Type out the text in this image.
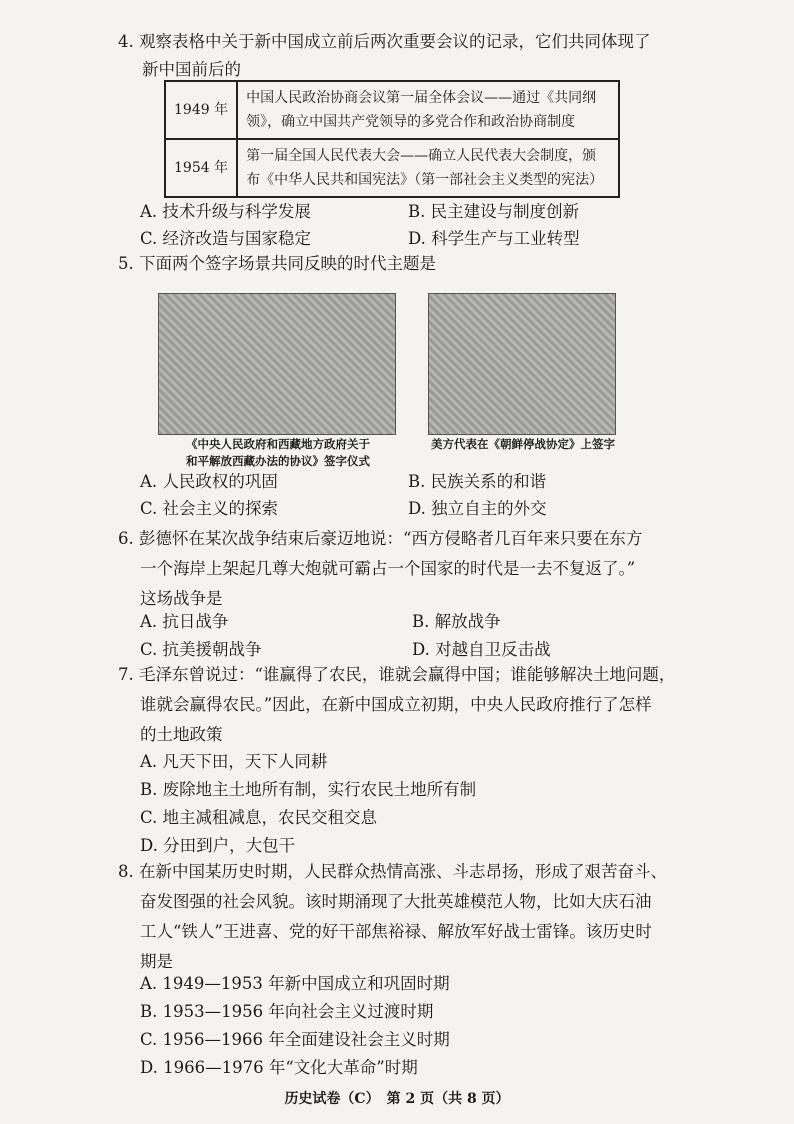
4. 观察表格中关于新中国成立前后两次重要会议的记录，它们共同体现了
新中国前后的
1949 年	中国人民政治协商会议第一届全体会议——通过《共同纲
领》，确立中国共产党领导的多党合作和政治协商制度

1954 年	第一届全国人民代表大会——确立人民代表大会制度，颁
布《中华人民共和国宪法》（第一部社会主义类型的宪法）
A. 技术升级与科学发展	B. 民主建设与制度创新
C. 经济改造与国家稳定	D. 科学生产与工业转型
5. 下面两个签字场景共同反映的时代主题是
《中央人民政府和西藏地方政府关于
和平解放西藏办法的协议》签字仪式
美方代表在《朝鲜停战协定》上签字
A. 人民政权的巩固	B. 民族关系的和谐
C. 社会主义的探索	D. 独立自主的外交
6. 彭德怀在某次战争结束后豪迈地说：“西方侵略者几百年来只要在东方
一个海岸上架起几尊大炮就可霸占一个国家的时代是一去不复返了。”
这场战争是
A. 抗日战争	B. 解放战争
C. 抗美援朝战争	D. 对越自卫反击战
7. 毛泽东曾说过：“谁赢得了农民，谁就会赢得中国；谁能够解决土地问题，
谁就会赢得农民。”因此，在新中国成立初期，中央人民政府推行了怎样
的土地政策
A. 凡天下田，天下人同耕
B. 废除地主土地所有制，实行农民土地所有制
C. 地主减租减息，农民交租交息
D. 分田到户，大包干
8. 在新中国某历史时期，人民群众热情高涨、斗志昂扬，形成了艰苦奋斗、
奋发图强的社会风貌。该时期涌现了大批英雄模范人物，比如大庆石油
工人“铁人”王进喜、党的好干部焦裕禄、解放军好战士雷锋。该历史时
期是
A. 1949—1953 年新中国成立和巩固时期
B. 1953—1956 年向社会主义过渡时期
C. 1956—1966 年全面建设社会主义时期
D. 1966—1976 年“文化大革命”时期
历史试卷（C）　第 2 页（共 8 页）
